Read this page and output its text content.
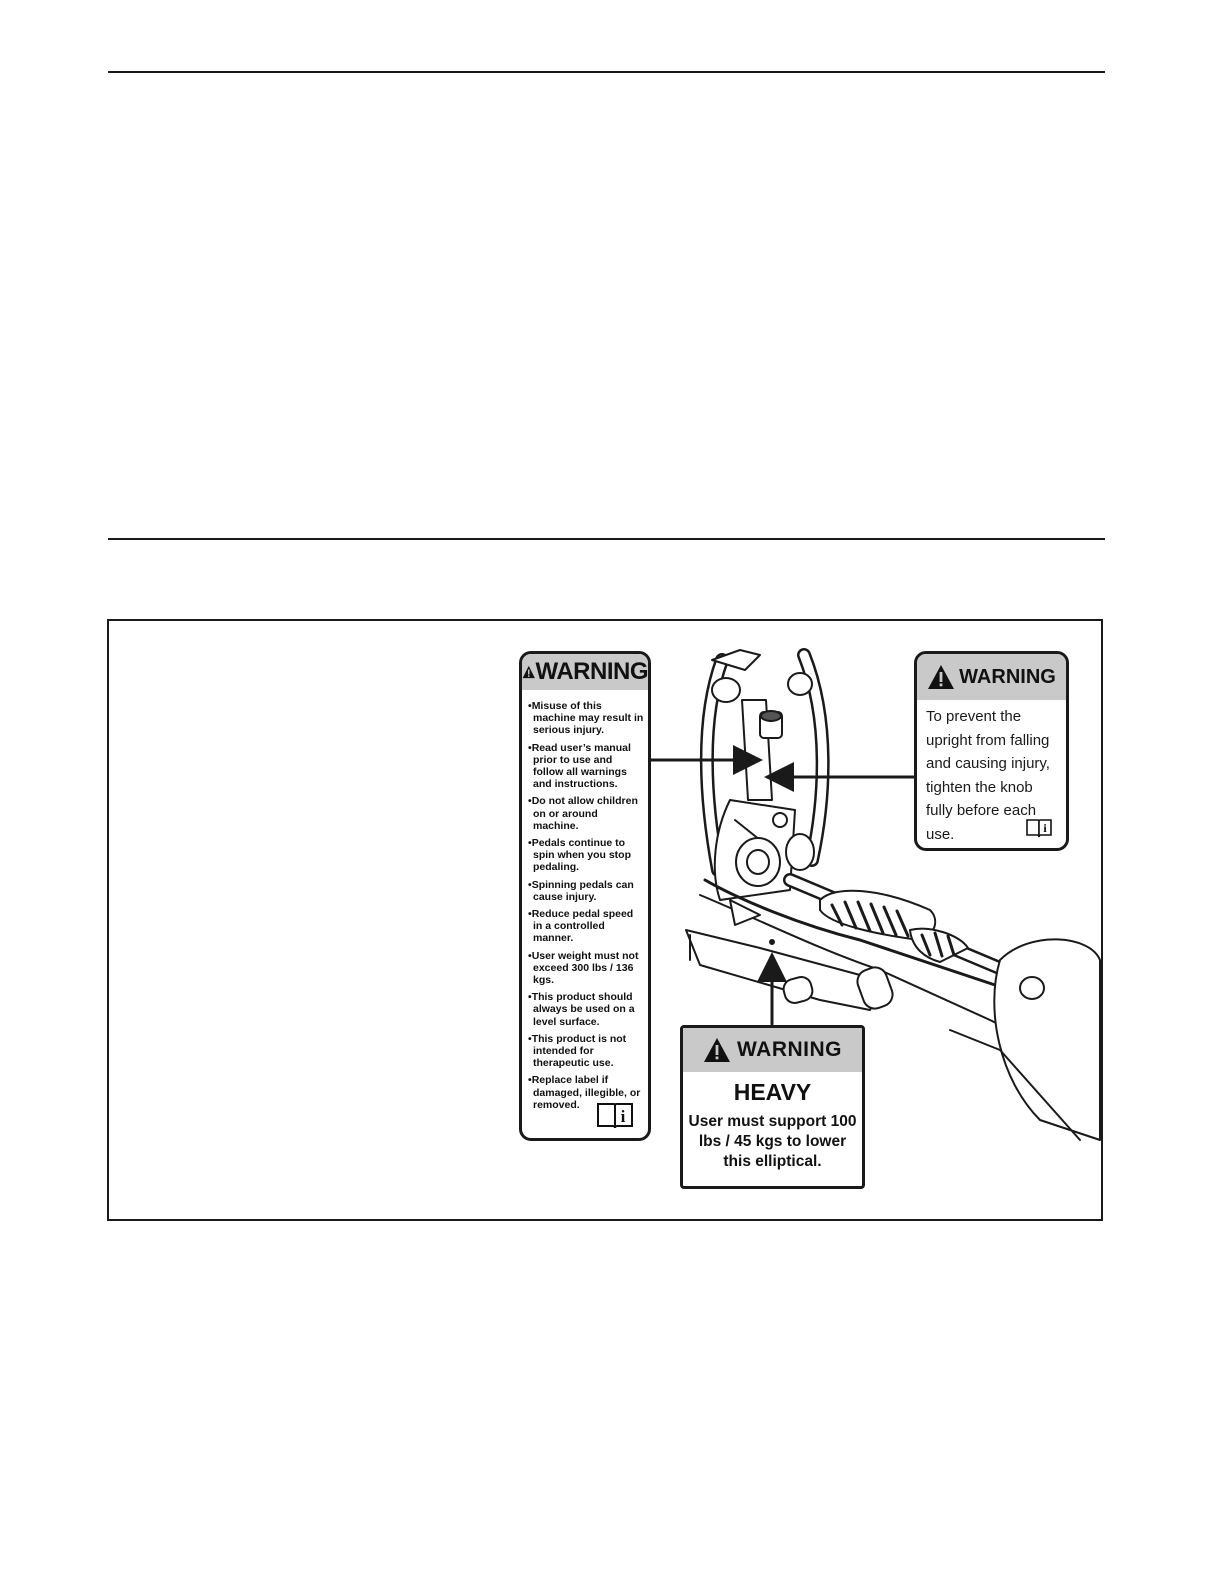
WARNING
• Misuse of this machine may result in serious injury.
• Read user’s manual prior to use and follow all warnings and instructions.
• Do not allow children on or around machine.
• Pedals continue to spin when you stop pedaling.
• Spinning pedals can cause injury.
• Reduce pedal speed in a controlled manner.
• User weight must not exceed 300 lbs / 136 kgs.
• This product should always be used on a level surface.
• This product is not intended for therapeutic use.
• Replace label if damaged, illegible, or removed.
i
WARNING
To prevent the upright from falling and causing injury, tighten the knob fully before each use.	i
WARNING
HEAVY
User must support 100 lbs / 45 kgs to lower this elliptical.
